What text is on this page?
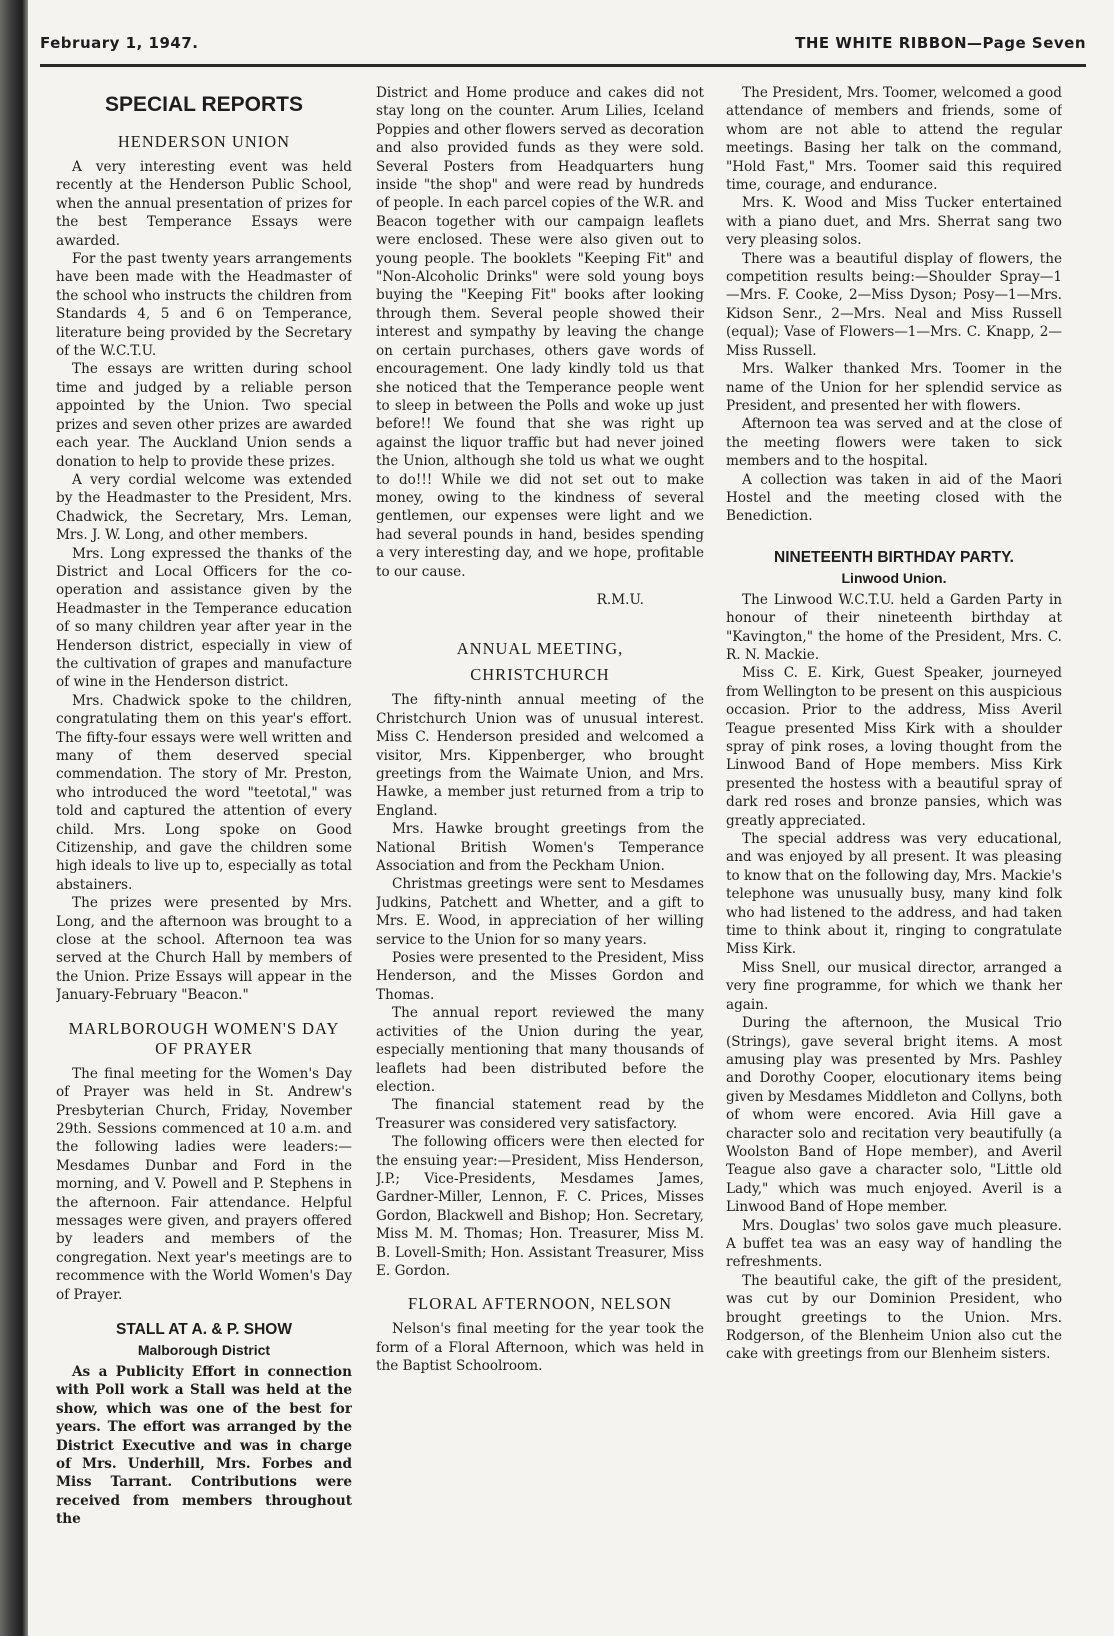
February 1, 1947.	THE WHITE RIBBON—Page Seven
SPECIAL REPORTS
HENDERSON UNION

A very interesting event was held recently at the Henderson Public School, when the annual presentation of prizes for the best Temperance Essays were awarded.

For the past twenty years arrangements have been made with the Headmaster of the school who instructs the children from Standards 4, 5 and 6 on Temperance, literature being provided by the Secretary of the W.C.T.U.

The essays are written during school time and judged by a reliable person appointed by the Union. Two special prizes and seven other prizes are awarded each year. The Auckland Union sends a donation to help to provide these prizes.

A very cordial welcome was extended by the Headmaster to the President, Mrs. Chadwick, the Secretary, Mrs. Leman, Mrs. J. W. Long, and other members.

Mrs. Long expressed the thanks of the District and Local Officers for the co-operation and assistance given by the Headmaster in the Temperance education of so many children year after year in the Henderson district, especially in view of the cultivation of grapes and manufacture of wine in the Henderson district.

Mrs. Chadwick spoke to the children, congratulating them on this year's effort. The fifty-four essays were well written and many of them deserved special commendation. The story of Mr. Preston, who introduced the word "teetotal," was told and captured the attention of every child. Mrs. Long spoke on Good Citizenship, and gave the children some high ideals to live up to, especially as total abstainers.

The prizes were presented by Mrs. Long, and the afternoon was brought to a close at the school. Afternoon tea was served at the Church Hall by members of the Union. Prize Essays will appear in the January-February "Beacon."

MARLBOROUGH WOMEN'S DAY OF PRAYER

The final meeting for the Women's Day of Prayer was held in St. Andrew's Presbyterian Church, Friday, November 29th. Sessions commenced at 10 a.m. and the following ladies were leaders:—Mesdames Dunbar and Ford in the morning, and V. Powell and P. Stephens in the afternoon. Fair attendance. Helpful messages were given, and prayers offered by leaders and members of the congregation. Next year's meetings are to recommence with the World Women's Day of Prayer.

STALL AT A. & P. SHOW
Malborough District

As a Publicity Effort in connection with Poll work a Stall was held at the show, which was one of the best for years. The effort was arranged by the District Executive and was in charge of Mrs. Underhill, Mrs. Forbes and Miss Tarrant. Contributions were received from members throughout the

District and Home produce and cakes did not stay long on the counter. Arum Lilies, Iceland Poppies and other flowers served as decoration and also provided funds as they were sold. Several Posters from Headquarters hung inside "the shop" and were read by hundreds of people. In each parcel copies of the W.R. and Beacon together with our campaign leaflets were enclosed. These were also given out to young people. The booklets "Keeping Fit" and "Non-Alcoholic Drinks" were sold young boys buying the "Keeping Fit" books after looking through them. Several people showed their interest and sympathy by leaving the change on certain purchases, others gave words of encouragement. One lady kindly told us that she noticed that the Temperance people went to sleep in between the Polls and woke up just before!! We found that she was right up against the liquor traffic but had never joined the Union, although she told us what we ought to do!!! While we did not set out to make money, owing to the kindness of several gentlemen, our expenses were light and we had several pounds in hand, besides spending a very interesting day, and we hope, profitable to our cause.

R.M.U.

ANNUAL MEETING,
CHRISTCHURCH

The fifty-ninth annual meeting of the Christchurch Union was of unusual interest. Miss C. Henderson presided and welcomed a visitor, Mrs. Kippenberger, who brought greetings from the Waimate Union, and Mrs. Hawke, a member just returned from a trip to England.

Mrs. Hawke brought greetings from the National British Women's Temperance Association and from the Peckham Union.

Christmas greetings were sent to Mesdames Judkins, Patchett and Whetter, and a gift to Mrs. E. Wood, in appreciation of her willing service to the Union for so many years.

Posies were presented to the President, Miss Henderson, and the Misses Gordon and Thomas.

The annual report reviewed the many activities of the Union during the year, especially mentioning that many thousands of leaflets had been distributed before the election.

The financial statement read by the Treasurer was considered very satisfactory.

The following officers were then elected for the ensuing year:—President, Miss Henderson, J.P.; Vice-Presidents, Mesdames James, Gardner-Miller, Lennon, F. C. Prices, Misses Gordon, Blackwell and Bishop; Hon. Secretary, Miss M. M. Thomas; Hon. Treasurer, Miss M. B. Lovell-Smith; Hon. Assistant Treasurer, Miss E. Gordon.

FLORAL AFTERNOON, NELSON

Nelson's final meeting for the year took the form of a Floral Afternoon, which was held in the Baptist Schoolroom.

The President, Mrs. Toomer, welcomed a good attendance of members and friends, some of whom are not able to attend the regular meetings. Basing her talk on the command, "Hold Fast," Mrs. Toomer said this required time, courage, and endurance.

Mrs. K. Wood and Miss Tucker entertained with a piano duet, and Mrs. Sherrat sang two very pleasing solos.

There was a beautiful display of flowers, the competition results being:—Shoulder Spray—1—Mrs. F. Cooke, 2—Miss Dyson; Posy—1—Mrs. Kidson Senr., 2—Mrs. Neal and Miss Russell (equal); Vase of Flowers—1—Mrs. C. Knapp, 2—Miss Russell.

Mrs. Walker thanked Mrs. Toomer in the name of the Union for her splendid service as President, and presented her with flowers.

Afternoon tea was served and at the close of the meeting flowers were taken to sick members and to the hospital.

A collection was taken in aid of the Maori Hostel and the meeting closed with the Benediction.

NINETEENTH BIRTHDAY PARTY.
Linwood Union.

The Linwood W.C.T.U. held a Garden Party in honour of their nineteenth birthday at "Kavington," the home of the President, Mrs. C. R. N. Mackie.

Miss C. E. Kirk, Guest Speaker, journeyed from Wellington to be present on this auspicious occasion. Prior to the address, Miss Averil Teague presented Miss Kirk with a shoulder spray of pink roses, a loving thought from the Linwood Band of Hope members. Miss Kirk presented the hostess with a beautiful spray of dark red roses and bronze pansies, which was greatly appreciated.

The special address was very educational, and was enjoyed by all present. It was pleasing to know that on the following day, Mrs. Mackie's telephone was unusually busy, many kind folk who had listened to the address, and had taken time to think about it, ringing to congratulate Miss Kirk.

Miss Snell, our musical director, arranged a very fine programme, for which we thank her again.

During the afternoon, the Musical Trio (Strings), gave several bright items. A most amusing play was presented by Mrs. Pashley and Dorothy Cooper, elocutionary items being given by Mesdames Middleton and Collyns, both of whom were encored. Avia Hill gave a character solo and recitation very beautifully (a Woolston Band of Hope member), and Averil Teague also gave a character solo, "Little old Lady," which was much enjoyed. Averil is a Linwood Band of Hope member.

Mrs. Douglas' two solos gave much pleasure. A buffet tea was an easy way of handling the refreshments.

The beautiful cake, the gift of the president, was cut by our Dominion President, who brought greetings to the Union. Mrs. Rodgerson, of the Blenheim Union also cut the cake with greetings from our Blenheim sisters.
